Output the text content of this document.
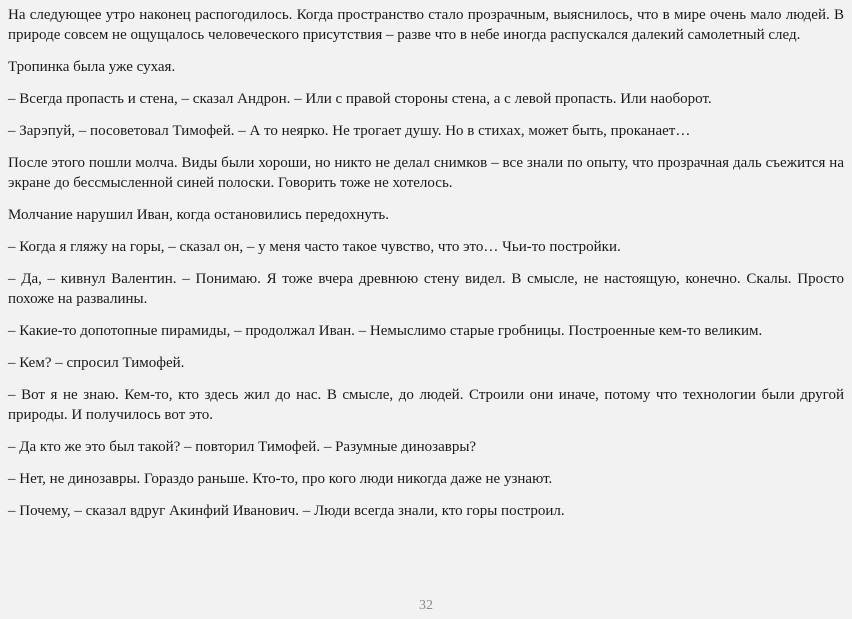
На следующее утро наконец распогодилось. Когда пространство стало прозрачным, выяснилось, что в мире очень мало людей. В природе совсем не ощущалось человеческого присутствия – разве что в небе иногда распускался далекий самолетный след.

Тропинка была уже сухая.

– Всегда пропасть и стена, – сказал Андрон. – Или с правой стороны стена, а с левой пропасть. Или наоборот.

– Зарэпуй, – посоветовал Тимофей. – А то неярко. Не трогает душу. Но в стихах, может быть, проканает…

После этого пошли молча. Виды были хороши, но никто не делал снимков – все знали по опыту, что прозрачная даль съежится на экране до бессмысленной синей полоски. Говорить тоже не хотелось.

Молчание нарушил Иван, когда остановились передохнуть.

– Когда я гляжу на горы, – сказал он, – у меня часто такое чувство, что это… Чьи-то постройки.

– Да, – кивнул Валентин. – Понимаю. Я тоже вчера древнюю стену видел. В смысле, не настоящую, конечно. Скалы. Просто похоже на развалины.

– Какие-то допотопные пирамиды, – продолжал Иван. – Немыслимо старые гробницы. Построенные кем-то великим.

– Кем? – спросил Тимофей.

– Вот я не знаю. Кем-то, кто здесь жил до нас. В смысле, до людей. Строили они иначе, потому что технологии были другой природы. И получилось вот это.

– Да кто же это был такой? – повторил Тимофей. – Разумные динозавры?

– Нет, не динозавры. Гораздо раньше. Кто-то, про кого люди никогда даже не узнают.

– Почему, – сказал вдруг Акинфий Иванович. – Люди всегда знали, кто горы построил.

32
